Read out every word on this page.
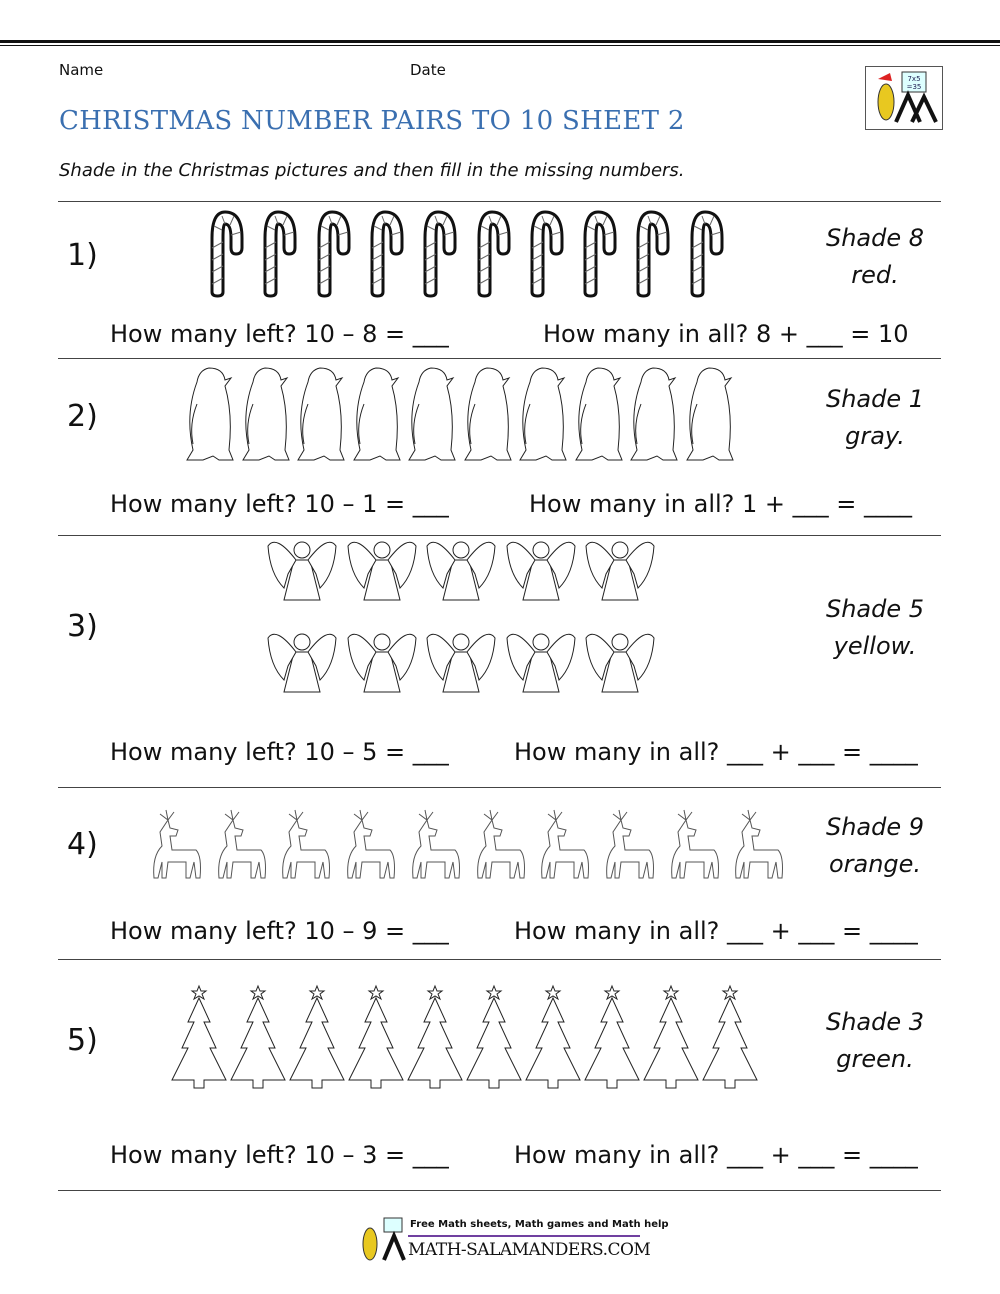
Name	Date
CHRISTMAS NUMBER PAIRS TO 10 SHEET 2
Shade in the Christmas pictures and then fill in the missing numbers.
7x5
=35
1)	Shade 8
red.
How many left? 10 – 8 = ___	How many in all? 8 + ___ = 10
2)	Shade 1
gray.
How many left? 10 – 1 = ___	How many in all? 1 + ___ = ____
3)	Shade 5
yellow.
How many left? 10 – 5 = ___	How many in all? ___ + ___ = ____
4)	Shade 9
orange.
How many left? 10 – 9 = ___	How many in all? ___ + ___ = ____
5)
Shade 3
green.
How many left? 10 – 3 = ___	How many in all? ___ + ___ = ____
Free Math sheets, Math games and Math help
MATH-SALAMANDERS.COM
